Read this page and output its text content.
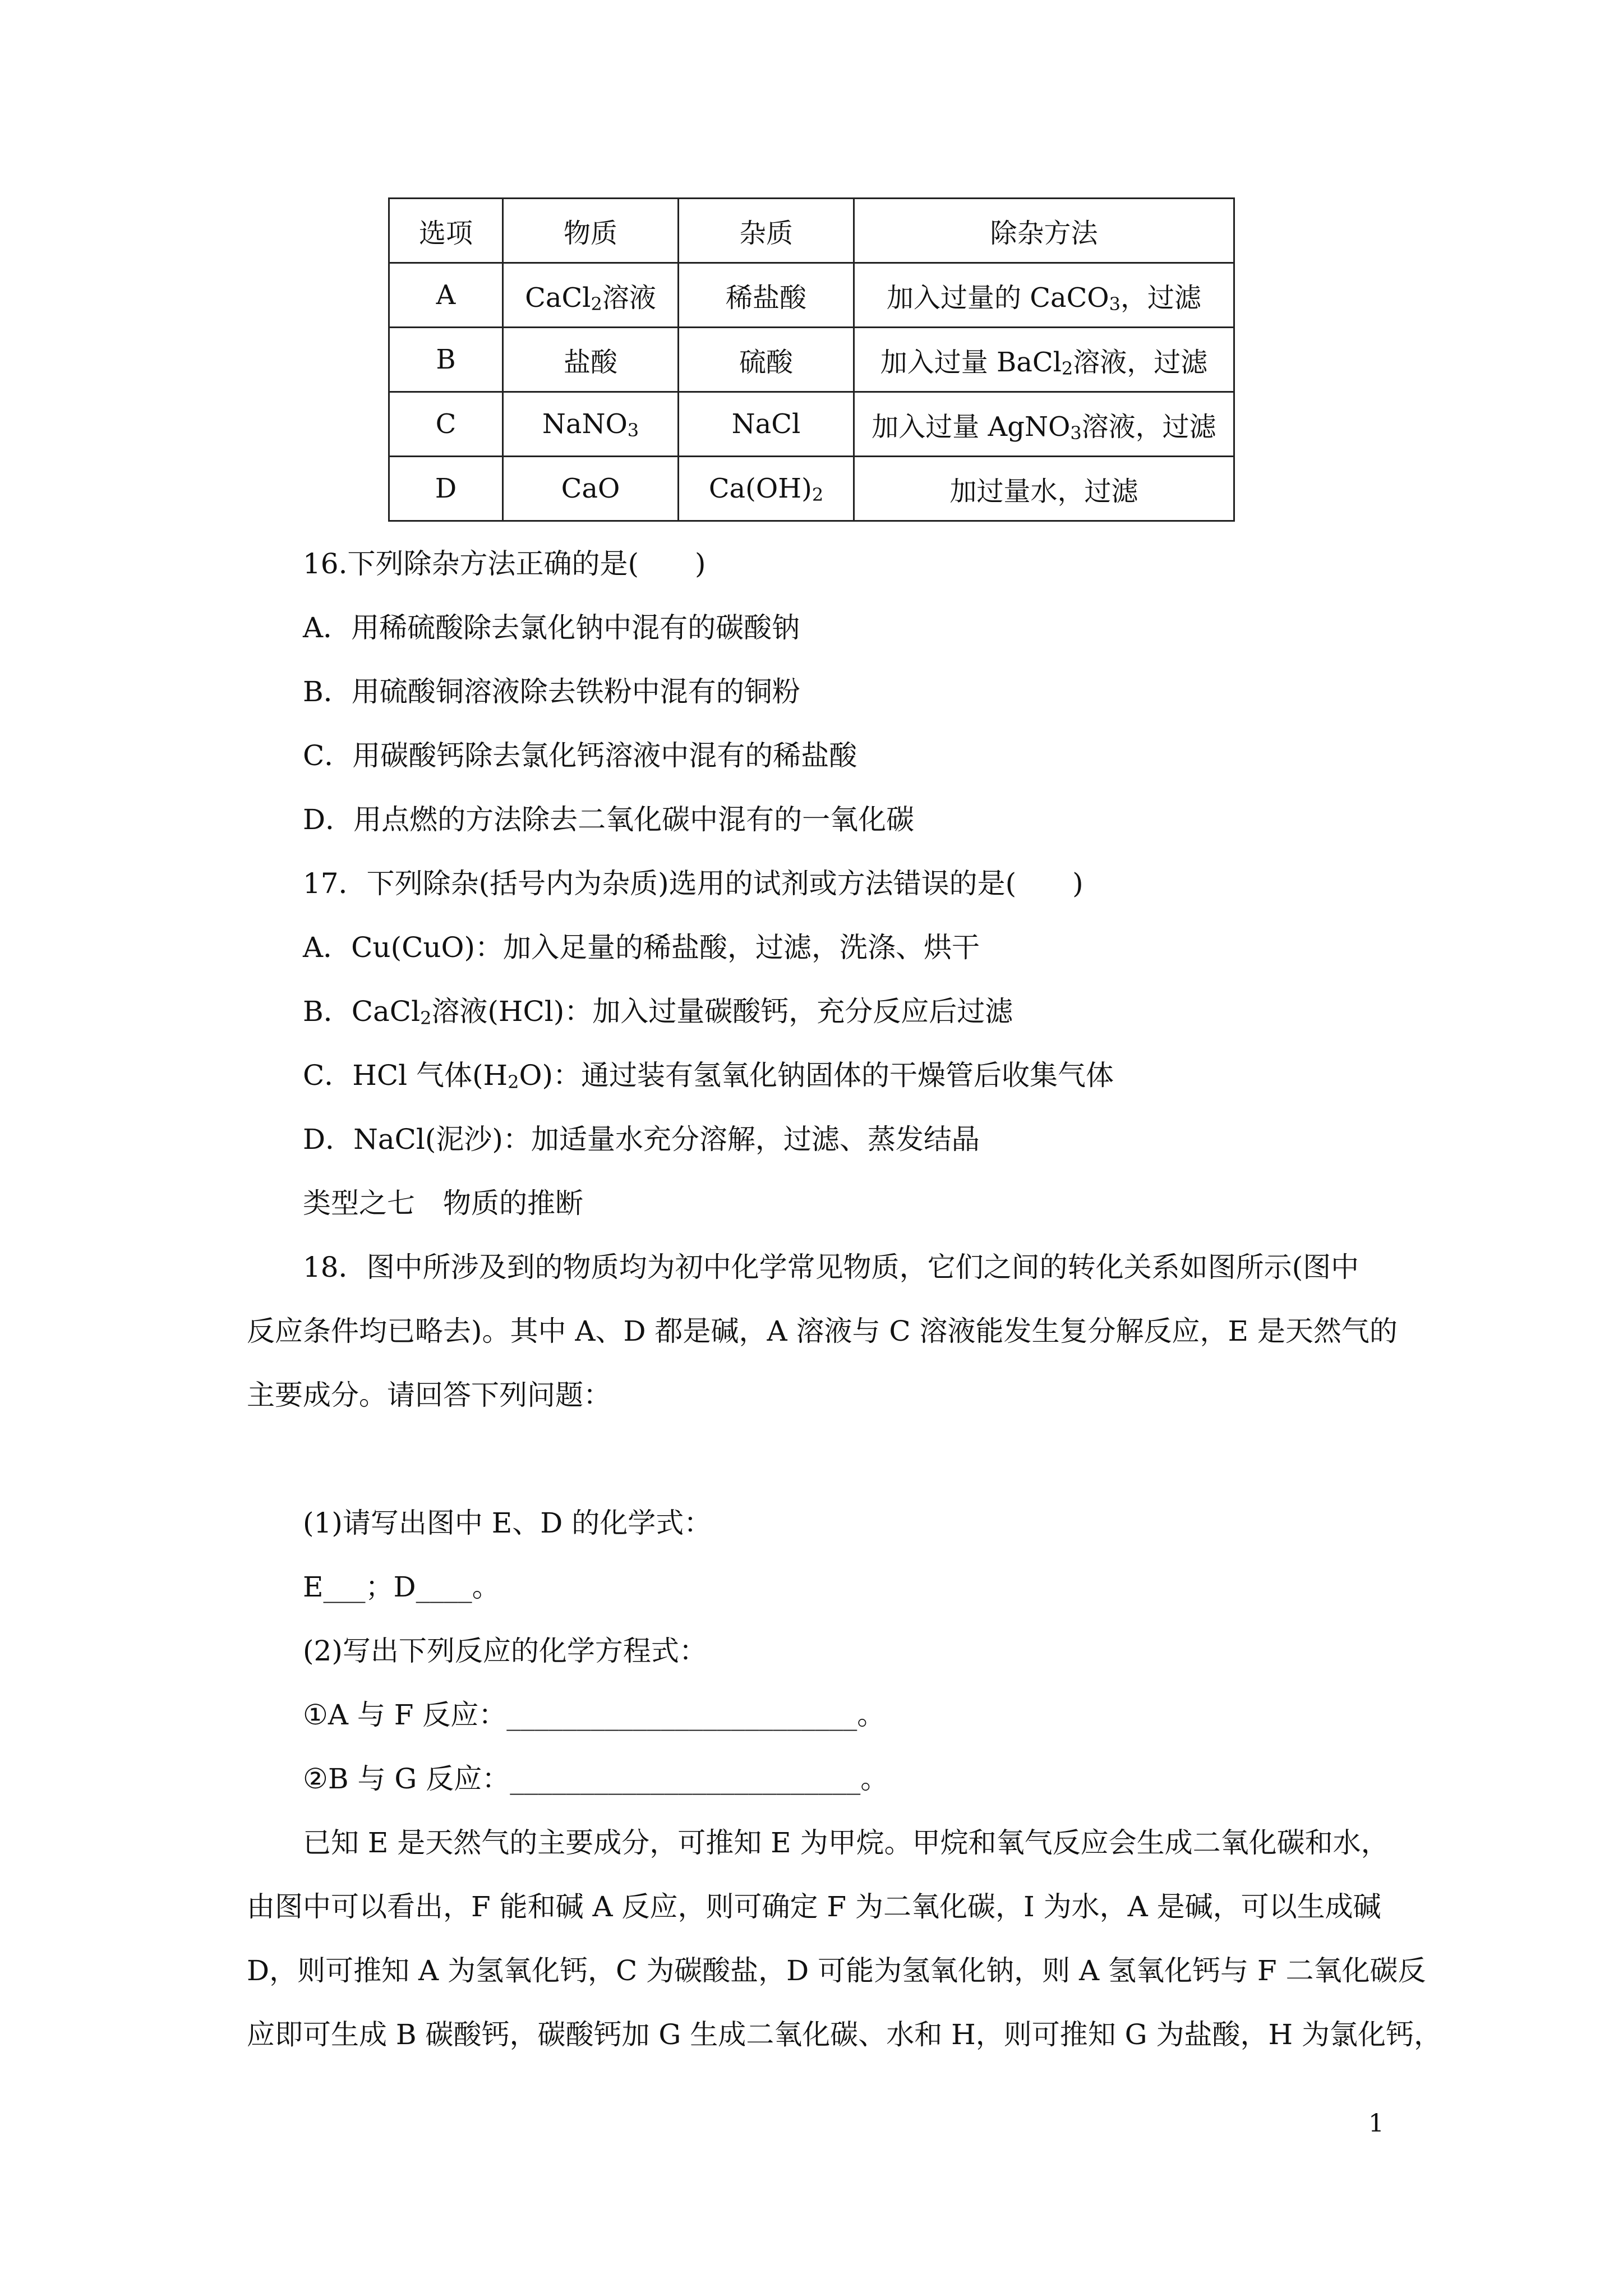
选项	物质	杂质	除杂方法
A	CaCl$_2$溶液	稀盐酸	加入过量的 CaCO$_3$，过滤
B	盐酸	硫酸	加入过量 BaCl$_2$溶液，过滤
C	NaNO$_3$	NaCl	加入过量 AgNO$_3$溶液，过滤
D	CaO	$Ca(OH)_2$	加过量水，过滤
16.下列除杂方法正确的是(　　)
A．用稀硫酸除去氯化钠中混有的碳酸钠
B．用硫酸铜溶液除去铁粉中混有的铜粉
C．用碳酸钙除去氯化钙溶液中混有的稀盐酸
D．用点燃的方法除去二氧化碳中混有的一氧化碳
17．下列除杂(括号内为杂质)选用的试剂或方法错误的是(　　)
A．Cu(CuO)：加入足量的稀盐酸，过滤，洗涤、烘干
B．CaCl$_2$溶液(HCl)：加入过量碳酸钙，充分反应后过滤
C．HCl 气体$(H_2O)$：通过装有氢氧化钠固体的干燥管后收集气体
D．NaCl(泥沙)：加适量水充分溶解，过滤、蒸发结晶
类型之七　物质的推断
18．图中所涉及到的物质均为初中化学常见物质，它们之间的转化关系如图所示(图中
反应条件均已略去)。其中 A、D 都是碱，A 溶液与 C 溶液能发生复分解反应，E 是天然气的
主要成分。请回答下列问题：
(1)请写出图中 E、D 的化学式：
E___；D____。
(2)写出下列反应的化学方程式：
①A 与 F 反应：_________________________。
②B 与 G 反应：_________________________。
已知 E 是天然气的主要成分，可推知 E 为甲烷。甲烷和氧气反应会生成二氧化碳和水，
由图中可以看出，F 能和碱 A 反应，则可确定 F 为二氧化碳，I 为水，A 是碱，可以生成碱
D，则可推知 A 为氢氧化钙，C 为碳酸盐，D 可能为氢氧化钠，则 A 氢氧化钙与 F 二氧化碳反
应即可生成 B 碳酸钙，碳酸钙加 G 生成二氧化碳、水和 H，则可推知 G 为盐酸，H 为氯化钙，
1
